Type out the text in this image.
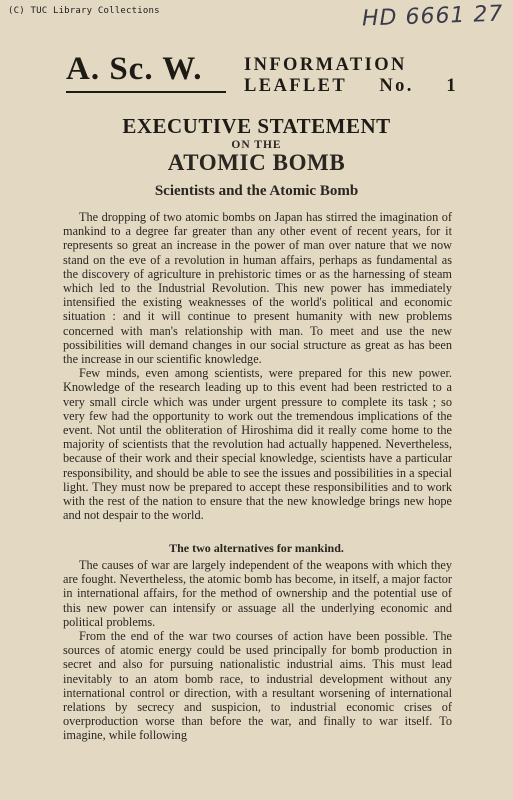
(C) TUC Library Collections	HD 6661 27
A. Sc. W. INFORMATION
LEAFLET No. 1
EXECUTIVE STATEMENT
ON THE
ATOMIC BOMB
Scientists and the Atomic Bomb

The dropping of two atomic bombs on Japan has stirred the imagination of mankind to a degree far greater than any other event of recent years, for it represents so great an increase in the power of man over nature that we now stand on the eve of a revolution in human affairs, perhaps as fundamental as the discovery of agriculture in prehistoric times or as the harnessing of steam which led to the Industrial Revolution. This new power has immediately intensified the existing weaknesses of the world's political and economic situation : and it will continue to present humanity with new problems concerned with man's relationship with man. To meet and use the new possibilities will demand changes in our social structure as great as has been the increase in our scientific knowledge.

Few minds, even among scientists, were prepared for this new power. Knowledge of the research leading up to this event had been restricted to a very small circle which was under urgent pressure to complete its task ; so very few had the opportunity to work out the tremendous implications of the event. Not until the obliteration of Hiroshima did it really come home to the majority of scientists that the revolution had actually happened. Nevertheless, because of their work and their special knowledge, scientists have a particular responsibility, and should be able to see the issues and possibilities in a special light. They must now be prepared to accept these responsibilities and to work with the rest of the nation to ensure that the new knowledge brings new hope and not despair to the world.

The two alternatives for mankind.

The causes of war are largely independent of the weapons with which they are fought. Nevertheless, the atomic bomb has become, in itself, a major factor in international affairs, for the method of ownership and the potential use of this new power can intensify or assuage all the underlying economic and political problems.

From the end of the war two courses of action have been possible. The sources of atomic energy could be used principally for bomb production in secret and also for pursuing nationalistic industrial aims. This must lead inevitably to an atom bomb race, to industrial development without any international control or direction, with a resultant worsening of international relations by secrecy and suspicion, to industrial economic crises of overproduction worse than before the war, and finally to war itself. To imagine, while following
